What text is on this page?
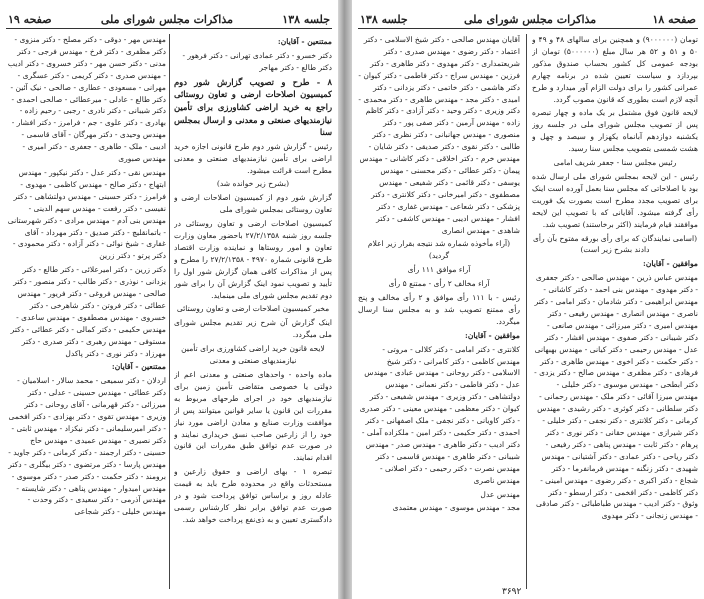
جلسه ۱۳۸
مذاکرات مجلس شورای ملی
صفحه ۱۹

ممتنعین - آقایان:

دکتر خسرو - دکتر عمادی تهرانی - دکتر فرهور - دکتر طالع - دکتر مهاجر

۸ - طرح و تصویب گزارش شور دوم کمیسیون اصلاحات ارضی و تعاون روستائی راجع به خرید اراضی کشاورزی برای تأمین نیازمندیهای صنعتی و معدنی و ارسال بمجلس سنا

رئیس - گزارش شور دوم طرح قانونی اجازه خرید اراضی برای تأمین نیازمندیهای صنعتی و معدنی مطرح است قرائت میشود.

(بشرح زیر خوانده شد)

گزارش شور دوم از کمیسیون اصلاحات ارضی و تعاون روستائی بمجلس شورای ملی

کمیسیون اصلاحات ارضی و تعاون روستائی در جلسه روز شنبه ۲۷/۲/۱۳۵۸ باحضور معاون وزارت تعاون و امور روستاها و نماینده وزارت اقتصاد طرح قانونی شماره ۴۹۷۰ - ۲۷/۲/۱۳۵۸ را مطرح و پس از مذاکرات کافی همان گزارش شور اول را تأیید و تصویب نمود اینک گزارش آن را برای شور دوم تقدیم مجلس شورای ملی مینماید.

مخبر کمیسیون اصلاحات ارضی و تعاون روستائی

اینک گزارش آن شرح زیر تقدیم مجلس شورای ملی میگردد.

لایحه قانون خرید اراضی کشاورزی برای تأمین نیازمندیهای صنعتی و معدنی

ماده واحده - واحدهای صنعتی و معدنی اعم از دولتی یا خصوصی متقاضی تأمین زمین برای نیازمندیهای خود در اجرای طرحهای مربوط به مقررات این قانون یا سایر قوانین میتوانند پس از موافقت وزارت صنایع و معادن اراضی مورد نیاز خود را از زارعین صاحب نسق خریداری نمایند و در صورت عدم توافق طبق مقررات این قانون اقدام نمایند.

تبصره ۱ - بهای اراضی و حقوق زارعین و مستحدثات واقع در محدوده طرح باید به قیمت عادله روز و براساس توافق پرداخت شود و در صورت عدم توافق برابر نظر کارشناس رسمی دادگستری تعیین و به ذی‌نفع پرداخت خواهد شد.

مهندس مهر - دوقی - دکتر مصلح - دکتر منزوی - دکتر مظفری - دکتر فرخ - مهندس فرجی - دکتر مدنی - دکتر حسن مهر - دکتر خسروی - دکتر ادیب - مهندس صدری - دکتر کریمی - دکتر عسگری - مهرانی - مسعودی - عطاری - صالحی - نیک آئین - دکتر طالع - عادلی - میرعطائی - صالحی احمدی - دکتر شیبانی - دکتر نادری - رجبی - رحیم زاده - بهادری - دکتر علوی - جم - فرامرز - دکتر افشار - مهندس وحیدی - دکتر مهرگان - آقای قاسمی - ادیبی - ملک - طاهری - جعفری - دکتر امیری - مهندس صبوری

مهندس نقی - دکتر عدل - دکتر نیکپور - مهندس ابتهاج - دکتر صالح - مهندس کاظمی - مهدوی - فرامرز - دکتر حسینی - مهندس دولتشاهی - دکتر نفیسی - دکتر رفعت - مهندس سهم الدینی - مهندس بنی آدم - مهندس مرادی - دکتر شهرستانی - باتمانقلیچ - دکتر صدیق - دکتر مهرداد - آقای غفاری - شیخ نوائی - دکتر آزاده - دکتر محمودی - دکتر پرتو - دکتر زرین

دکتر زرین - دکتر امیرعلائی - دکتر طالع - دکتر یزدانی - نوذری - دکتر طالب - دکتر منصور - دکتر صالحی - مهندس فروغی - دکتر فریور - مهندس عطائی - دکتر فروتن - دکتر شاهرخی - دکتر خسروی - مهندس مصطفوی - مهندس ساعدی - مهندس حکیمی - دکتر کمالی - دکتر عطائی - دکتر مستوفی - مهندس رهبری - دکتر صدری - دکتر مهرزاد - دکتر نوری - دکتر پاکدل

ممتنعین - آقایان:

اردلان - دکتر سمیعی - محمد سالار - اسلامیان - دکتر عطائی - مهندس حسینی - عدلی - دکتر میرزائی - دکتر قهرمانی - آقای روحانی - دکتر وزیری - مهندس تقوی - دکتر بهزادی - دکتر افخمی - دکتر امیرسلیمانی - دکتر نیکزاد - مهندس ثابتی - دکتر نصیری - مهندس عمیدی - مهندس حاج حسینی - دکتر ارجمند - دکتر کرمانی - دکتر جاوید - مهندس پارسا - دکتر مرتضوی - دکتر بیگلری - دکتر برومند - دکتر حکمت - دکتر صدر - دکتر موسوی - مهندس امیدوار - مهندس پناهی - دکتر شایسته - مهندس آذرمی - دکتر سعیدی - دکتر وحدت - مهندس خلیلی - دکتر شجاعی

صفحه ۱۸
مذاکرات مجلس شورای ملی
جلسه ۱۳۸

تومان (۹۰۰۰۰۰۰) و همچنین برای سالهای ۴۸ و ۴۹ و ۵۰ و ۵۱ و ۵۲ هر سال مبلغ (۵۰۰۰۰۰۰) تومان از بودجه عمومی کل کشور بحساب صندوق مذکور بپردازد و سیاست تعیین شده در برنامه چهارم عمرانی کشور را برای دولت الزام آور میدارد و طرح آنچه لازم است بطوری که قانون مصوب گردد.

لایحه قانون فوق مشتمل بر یک ماده و چهار تبصره پس از تصویب مجلس شورای ملی در جلسه روز یکشنبه دوازدهم آبانماه یکهزار و سیصد و چهل و هشت شمسی بتصویب مجلس سنا رسید.

رئیس مجلس سنا - جعفر شریف امامی

رئیس - این لایحه بمجلس شورای ملی ارسال شده بود با اصلاحاتی که مجلس سنا بعمل آورده است اینک برای تصویب مجدد مطرح است بصورت یک فوریت رأی گرفته میشود. آقایانی که با تصویب این لایحه موافقند قیام فرمایند (اکثر برخاستند) تصویب شد.

(اسامی نمایندگان که برای رأی بورقه مفتوح بآن رأی دادند بشرح زیر است)

موافقین - آقایان:

مهندس عباس ذرین - مهندس صالحی - دکتر جعفری - دکتر مهدوی - مهندس بنی احمد - دکتر کاشانی - مهندس ابراهیمی - دکتر شادمان - دکتر امامی - دکتر ناصری - مهندس انصاری - مهندس رفیعی - دکتر مهندس امیری - دکتر میرزائی - مهندس صانعی - دکتر شیبانی - دکتر صفوی - مهندس افشار - دکتر عدل - مهندس رحیمی - دکتر کیانی - مهندس بهبهانی - دکتر حکمت - دکتر اخوی - مهندس طاهری - دکتر فرهادی - دکتر مظفری - مهندس صالح - دکتر یزدی - دکتر ابطحی - مهندس موسوی - دکتر خلیلی - مهندس میرزا آقائی - دکتر ملک - مهندس رحمانی - دکتر سلطانی - دکتر کوثری - دکتر رشیدی - مهندس کرمانی - دکتر کلانتری - دکتر نجفی - دکتر خلیلی - دکتر شیرازی - مهندس حقانی - دکتر نوری - دکتر پرهام - دکتر ثابت - مهندس پناهی - دکتر رفیعی - دکتر ریاحی - دکتر عمادی - دکتر آشتیانی - مهندس شهیدی - دکتر زنگنه - مهندس فرمانفرما - دکتر شجاع - دکتر اکبری - دکتر رضوی - مهندس امینی - دکتر کاظمی - دکتر افخمی - دکتر ارسطو - دکتر وثوق - دکتر ادیب - مهندس طباطبائی - دکتر صادقی - مهندس زنجانی - دکتر مهدوی

آقایان مهندس صالحی - دکتر شیخ الاسلامی - دکتر اعتماد - دکتر رضوی - مهندس صدری - دکتر شریعتمداری - دکتر مهدوی - دکتر طاهری - دکتر فرزین - مهندس سراج - دکتر فاطمی - دکتر کیوان - دکتر هاشمی - دکتر خاتمی - دکتر یزدانی - دکتر امیدی - دکتر مجد - مهندس طاهری - دکتر محمدی - دکتر وزیری - دکتر وحید - دکتر آزادی - دکتر کاظم زاده - مهندس آرمین - دکتر صفی پور - دکتر منصوری - مهندس جهانبانی - دکتر نظری - دکتر طالبی - دکتر نقوی - دکتر صدیقی - دکتر شایان - مهندس خرم - دکتر اخلاقی - دکتر کاشانی - مهندس پیمان - دکتر عطائی - دکتر محسنی - مهندس یوسفی - دکتر قائمی - دکتر شفیعی - مهندس مصطفوی - دکتر امیرخانی - دکتر کلانتری - دکتر پزشکی - دکتر شعاعی - مهندس غفاری - دکتر افشار - مهندس ادیبی - مهندس کاشفی - دکتر شاهدی - مهندس انصاری

(آراء مأخوذه شماره شد نتیجه بقرار زیر اعلام گردید)

آراء موافق ۱۱۱ رأی

آراء مخالف ۲ رأی - ممتنع ۵ رأی

رئیس - با ۱۱۱ رأی موافق و ۲ رأی مخالف و پنج رأی ممتنع تصویب شد و به مجلس سنا ارسال میگردد.

موافقین - آقایان:

کلانتری - دکتر امامی - دکتر کلالی - مروتی - مهندس کاظمی - دکتر کامرانی - دکتر شیخ الاسلامی - دکتر روحانی - مهندس عبادی - مهندس عدل - دکتر فاطمی - دکتر نعمانی - مهندس دولتشاهی - دکتر وزیری - مهندس شفیعی - دکتر کیوان - دکتر معظمی - مهندس معینی - دکتر صدری - دکتر کاویانی - دکتر نجفی - ملک اصفهانی - دکتر احمدی - دکتر حکیمی - دکتر امین - ملکزاده آملی - دکتر ادیب - دکتر طاهری - مهندس صدر - مهندس شیبانی - دکتر طاهری - مهندس قاسمی - دکتر مهندس نصرت - دکتر رحیمی - دکتر اصلانی - مهندس ناصری

مهندس عدل

مجد - مهندس موسوی - مهندس معتمدی

۳۶۹۲
